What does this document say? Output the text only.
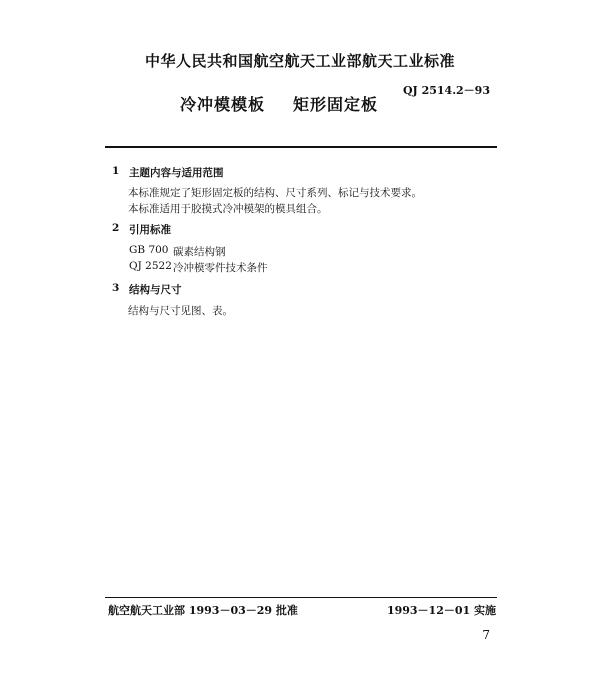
中华人民共和国航空航天工业部航天工业标准
QJ 2514.2－93
冷冲模模板 矩形固定板
1 主题内容与适用范围
本标准规定了矩形固定板的结构、尺寸系列、标记与技术要求。
本标准适用于胶摸式冷冲模架的模具组合。
2 引用标准
GB 700 碳素结构钢
QJ 2522 冷冲模零件技术条件
3 结构与尺寸
结构与尺寸见图、表。
航空航天工业部 1993－03－29 批准	1993－12－01 实施
7
